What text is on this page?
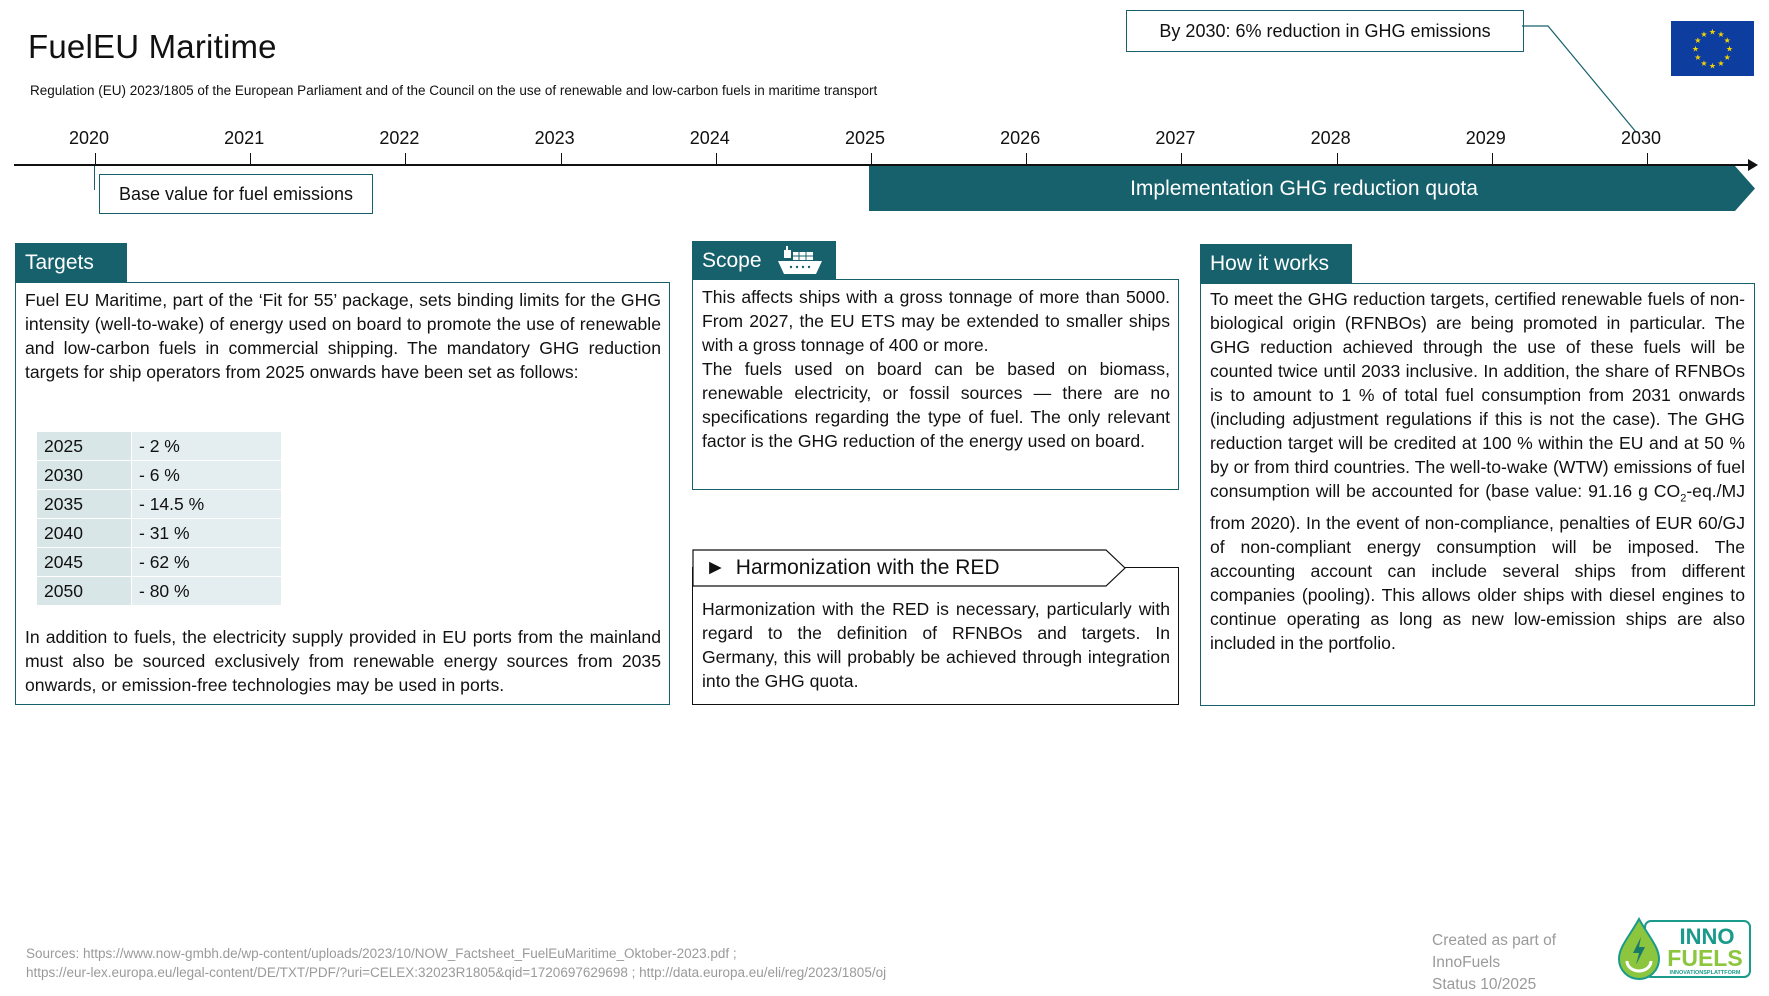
FuelEU Maritime
Regulation (EU) 2023/1805 of the European Parliament and of the Council on the use of renewable and low-carbon fuels in maritime transport
★ ★
★
★
★
★
★
★
★
★
★
★
By 2030: 6% reduction in GHG emissions
2020	2021	2022	2023	2024	2025	2026	2027	2028	2029	2030
Base value for fuel emissions	Implementation GHG reduction quota
Targets
Fuel EU Maritime, part of the ‘Fit for 55’ package, sets binding limits for the GHG intensity (well-to-wake) of energy used on board to promote the use of renewable and low-carbon fuels in commercial shipping. The mandatory GHG reduction targets for ship operators from 2025 onwards have been set as follows:
2025	- 2 %
2030	- 6 %
2035	- 14.5 %
2040	- 31 %
2045	- 62 %
2050	- 80 %
In addition to fuels, the electricity supply provided in EU ports from the mainland must also be sourced exclusively from renewable energy sources from 2035 onwards, or emission-free technologies may be used in ports.
Scope
This affects ships with a gross tonnage of more than 5000. From 2027, the EU ETS may be extended to smaller ships with a gross tonnage of 400 or more.
The fuels used on board can be based on biomass, renewable electricity, or fossil sources — there are no specifications regarding the type of fuel. The only relevant factor is the GHG reduction of the energy used on board.
► Harmonization with the RED
Harmonization with the RED is necessary, particularly with regard to the definition of RFNBOs and targets. In Germany, this will probably be achieved through integration into the GHG quota.
How it works
To meet the GHG reduction targets, certified renewable fuels of non-biological origin (RFNBOs) are being promoted in particular. The GHG reduction achieved through the use of these fuels will be counted twice until 2033 inclusive. In addition, the share of RFNBOs is to amount to 1 % of total fuel consumption from 2031 onwards (including adjustment regulations if this is not the case). The GHG reduction target will be credited at 100 % within the EU and at 50 % by or from third countries. The well-to-wake (WTW) emissions of fuel consumption will be accounted for (base value: 91.16 g $CO_2-eq./MJ$ from 2020). In the event of non-compliance, penalties of EUR 60/GJ of non-compliant energy consumption will be imposed. The accounting account can include several ships from different companies (pooling). This allows older ships with diesel engines to continue operating as long as new low-emission ships are also included in the portfolio.
Sources: https://www.now-gmbh.de/wp-content/uploads/2023/10/NOW_Factsheet_FuelEuMaritime_Oktober-2023.pdf ;
https://eur-lex.europa.eu/legal-content/DE/TXT/PDF/?uri=CELEX:32023R1805&qid=1720697629698 ; http://data.europa.eu/eli/reg/2023/1805/oj
Created as part of
InnoFuels
Status 10/2025
INNO
FUELS
INNOVATIONSPLATTFORM
